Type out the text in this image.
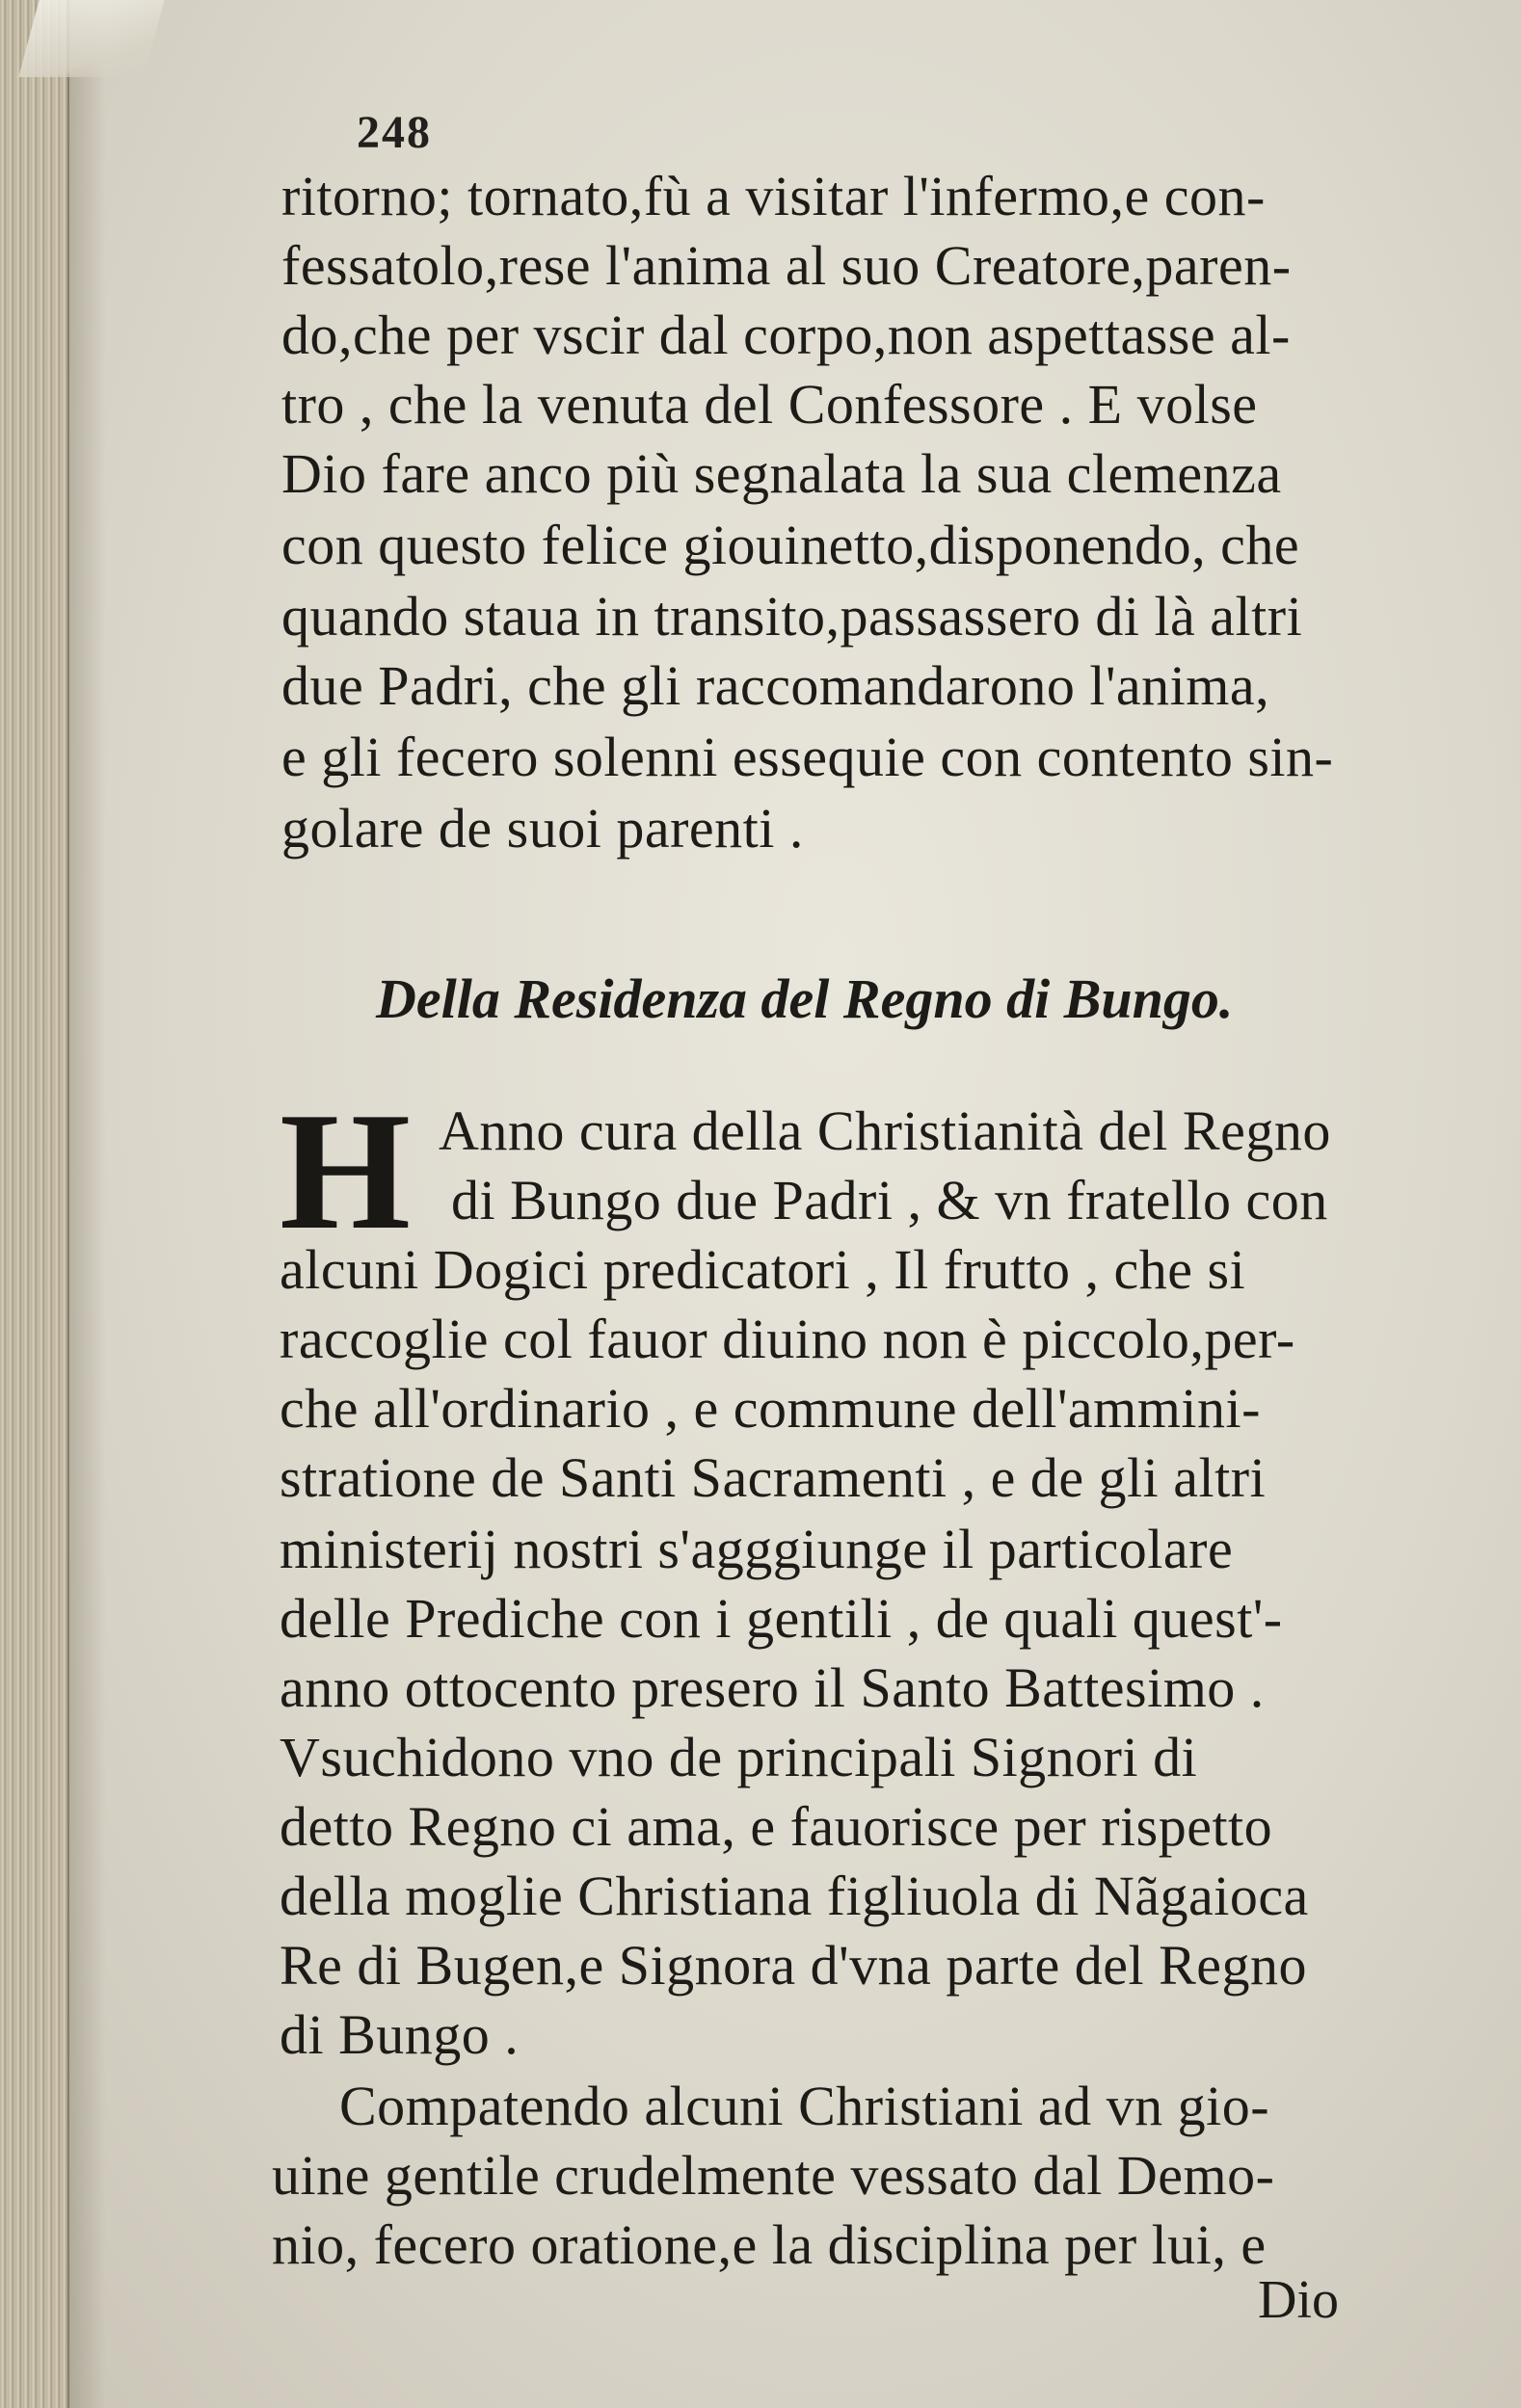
248
ritorno; tornato,fù a visitar l'infermo,e con-
fessatolo,rese l'anima al suo Creatore,paren-
do,che per vscir dal corpo,non aspettasse al-
tro , che la venuta del Confessore . E volse
Dio fare anco più segnalata la sua clemenza
con questo felice giouinetto,disponendo, che
quando staua in transito,passassero di là altri
due Padri, che gli raccomandarono l'anima,
e gli fecero solenni essequie con contento sin-
golare de suoi parenti .
Della Residenza del Regno di Bungo.
H Anno cura della Christianità del Regno
di Bungo due Padri , & vn fratello con
alcuni Dogici predicatori , Il frutto , che si
raccoglie col fauor diuino non è piccolo,per-
che all'ordinario , e commune dell'ammini-
stratione de Santi Sacramenti , e de gli altri
ministerij nostri s'agggiunge il particolare
delle Prediche con i gentili , de quali quest'-
anno ottocento presero il Santo Battesimo .
Vsuchidono vno de principali Signori di
detto Regno ci ama, e fauorisce per rispetto
della moglie Christiana figliuola di Nãgaioca
Re di Bugen,e Signora d'vna parte del Regno
di Bungo .
Compatendo alcuni Christiani ad vn gio-
uine gentile crudelmente vessato dal Demo-
nio, fecero oratione,e la disciplina per lui, e
Dio
